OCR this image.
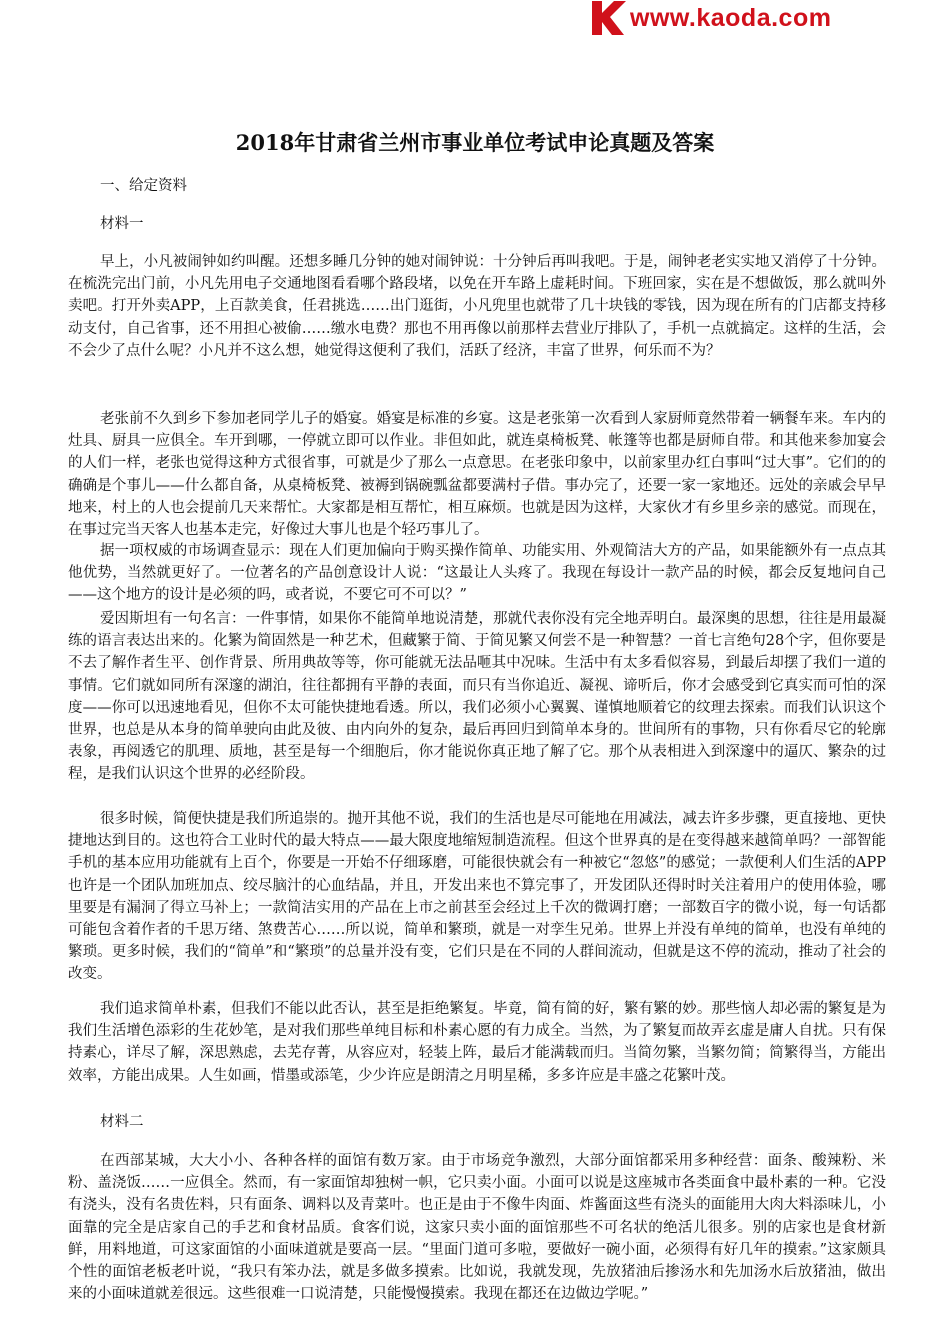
www.kaoda.com
2018年甘肃省兰州市事业单位考试申论真题及答案
一、给定资料
材料一

早上，小凡被闹钟如约叫醒。还想多睡几分钟的她对闹钟说：十分钟后再叫我吧。于是，闹钟老老实实地又消停了十分钟。在梳洗完出门前，小凡先用电子交通地图看看哪个路段堵，以免在开车路上虚耗时间。下班回家，实在是不想做饭，那么就叫外卖吧。打开外卖APP，上百款美食，任君挑选……出门逛街，小凡兜里也就带了几十块钱的零钱，因为现在所有的门店都支持移动支付，自己省事，还不用担心被偷……缴水电费？那也不用再像以前那样去营业厅排队了，手机一点就搞定。这样的生活，会不会少了点什么呢？小凡并不这么想，她觉得这便利了我们，活跃了经济，丰富了世界，何乐而不为？

老张前不久到乡下参加老同学儿子的婚宴。婚宴是标准的乡宴。这是老张第一次看到人家厨师竟然带着一辆餐车来。车内的灶具、厨具一应俱全。车开到哪，一停就立即可以作业。非但如此，就连桌椅板凳、帐篷等也都是厨师自带。和其他来参加宴会的人们一样，老张也觉得这种方式很省事，可就是少了那么一点意思。在老张印象中，以前家里办红白事叫“过大事”。它们的的确确是个事儿——什么都自备，从桌椅板凳、被褥到锅碗瓢盆都要满村子借。事办完了，还要一家一家地还。远处的亲戚会早早地来，村上的人也会提前几天来帮忙。大家都是相互帮忙，相互麻烦。也就是因为这样，大家伙才有乡里乡亲的感觉。而现在，在事过完当天客人也基本走完，好像过大事儿也是个轻巧事儿了。

据一项权威的市场调查显示：现在人们更加偏向于购买操作简单、功能实用、外观简洁大方的产品，如果能额外有一点点其他优势，当然就更好了。一位著名的产品创意设计人说：“这最让人头疼了。我现在每设计一款产品的时候，都会反复地问自己——这个地方的设计是必须的吗，或者说，不要它可不可以？”

爱因斯坦有一句名言：一件事情，如果你不能简单地说清楚，那就代表你没有完全地弄明白。最深奥的思想，往往是用最凝练的语言表达出来的。化繁为简固然是一种艺术，但藏繁于简、于简见繁又何尝不是一种智慧？一首七言绝句28个字，但你要是不去了解作者生平、创作背景、所用典故等等，你可能就无法品咂其中况味。生活中有太多看似容易，到最后却摆了我们一道的事情。它们就如同所有深邃的湖泊，往往都拥有平静的表面，而只有当你追近、凝视、谛听后，你才会感受到它真实而可怕的深度——你可以迅速地看见，但你不太可能快捷地看透。所以，我们必须小心翼翼、谨慎地顺着它的纹理去探索。而我们认识这个世界，也总是从本身的简单驶向由此及彼、由内向外的复杂，最后再回归到简单本身的。世间所有的事物，只有你看尽它的轮廓表象，再阅透它的肌理、质地，甚至是每一个细胞后，你才能说你真正地了解了它。那个从表相进入到深邃中的逼仄、繁杂的过程，是我们认识这个世界的必经阶段。

很多时候，简便快捷是我们所追崇的。抛开其他不说，我们的生活也是尽可能地在用减法，减去许多步骤，更直接地、更快捷地达到目的。这也符合工业时代的最大特点——最大限度地缩短制造流程。但这个世界真的是在变得越来越简单吗？一部智能手机的基本应用功能就有上百个，你要是一开始不仔细琢磨，可能很快就会有一种被它“忽悠”的感觉；一款便利人们生活的APP也许是一个团队加班加点、绞尽脑汁的心血结晶，并且，开发出来也不算完事了，开发团队还得时时关注着用户的使用体验，哪里要是有漏洞了得立马补上；一款简洁实用的产品在上市之前甚至会经过上千次的微调打磨；一部数百字的微小说，每一句话都可能包含着作者的千思万绪、煞费苦心……所以说，简单和繁琐，就是一对孪生兄弟。世界上并没有单纯的简单，也没有单纯的繁琐。更多时候，我们的“简单”和“繁琐”的总量并没有变，它们只是在不同的人群间流动，但就是这不停的流动，推动了社会的改变。

我们追求简单朴素，但我们不能以此否认，甚至是拒绝繁复。毕竟，简有简的好，繁有繁的妙。那些恼人却必需的繁复是为我们生活增色添彩的生花妙笔，是对我们那些单纯目标和朴素心愿的有力成全。当然，为了繁复而故弄玄虚是庸人自扰。只有保持素心，详尽了解，深思熟虑，去芜存菁，从容应对，轻装上阵，最后才能满载而归。当简勿繁，当繁勿简；简繁得当，方能出效率，方能出成果。人生如画，惜墨或添笔，少少许应是朗清之月明星稀，多多许应是丰盛之花繁叶茂。

材料二

在西部某城，大大小小、各种各样的面馆有数万家。由于市场竞争激烈，大部分面馆都采用多种经营：面条、酸辣粉、米粉、盖浇饭……一应俱全。然而，有一家面馆却独树一帜，它只卖小面。小面可以说是这座城市各类面食中最朴素的一种。它没有浇头，没有名贵佐料，只有面条、调料以及青菜叶。也正是由于不像牛肉面、炸酱面这些有浇头的面能用大肉大料添味儿，小面靠的完全是店家自己的手艺和食材品质。食客们说，这家只卖小面的面馆那些不可名状的绝活儿很多。别的店家也是食材新鲜，用料地道，可这家面馆的小面味道就是要高一层。“里面门道可多啦，要做好一碗小面，必须得有好几年的摸索。”这家颇具个性的面馆老板老叶说，“我只有笨办法，就是多做多摸索。比如说，我就发现，先放猪油后掺汤水和先加汤水后放猪油，做出来的小面味道就差很远。这些很难一口说清楚，只能慢慢摸索。我现在都还在边做边学呢。”
